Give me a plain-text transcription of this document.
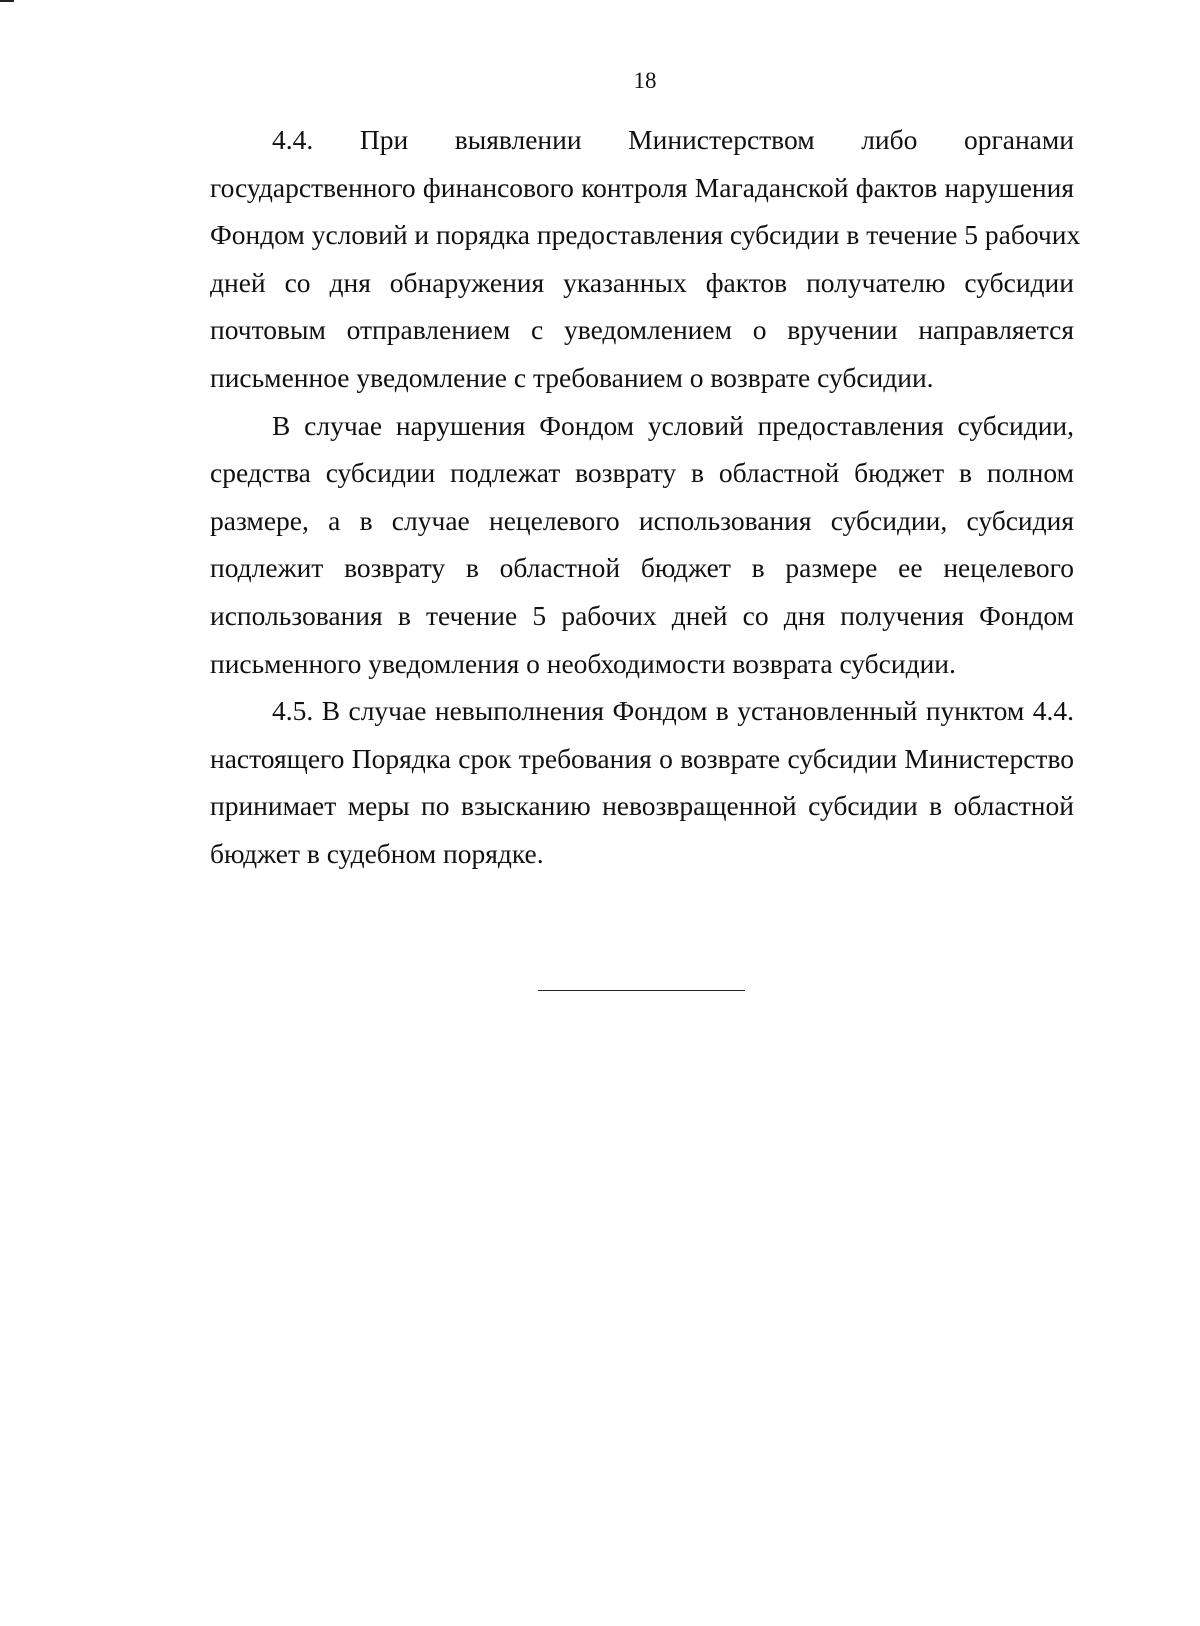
18

4.4. При выявлении Министерством либо органами
государственного финансового контроля Магаданской фактов нарушения
Фондом условий и порядка предоставления субсидии в течение 5 рабочих
дней со дня обнаружения указанных фактов получателю субсидии
почтовым отправлением с уведомлением о вручении направляется
письменное уведомление с требованием о возврате субсидии.

В случае нарушения Фондом условий предоставления субсидии,
средства субсидии подлежат возврату в областной бюджет в полном
размере, а в случае нецелевого использования субсидии, субсидия
подлежит возврату в областной бюджет в размере ее нецелевого
использования в течение 5 рабочих дней со дня получения Фондом
письменного уведомления о необходимости возврата субсидии.

4.5. В случае невыполнения Фондом в установленный пунктом 4.4.
настоящего Порядка срок требования о возврате субсидии Министерство
принимает меры по взысканию невозвращенной субсидии в областной
бюджет в судебном порядке.
